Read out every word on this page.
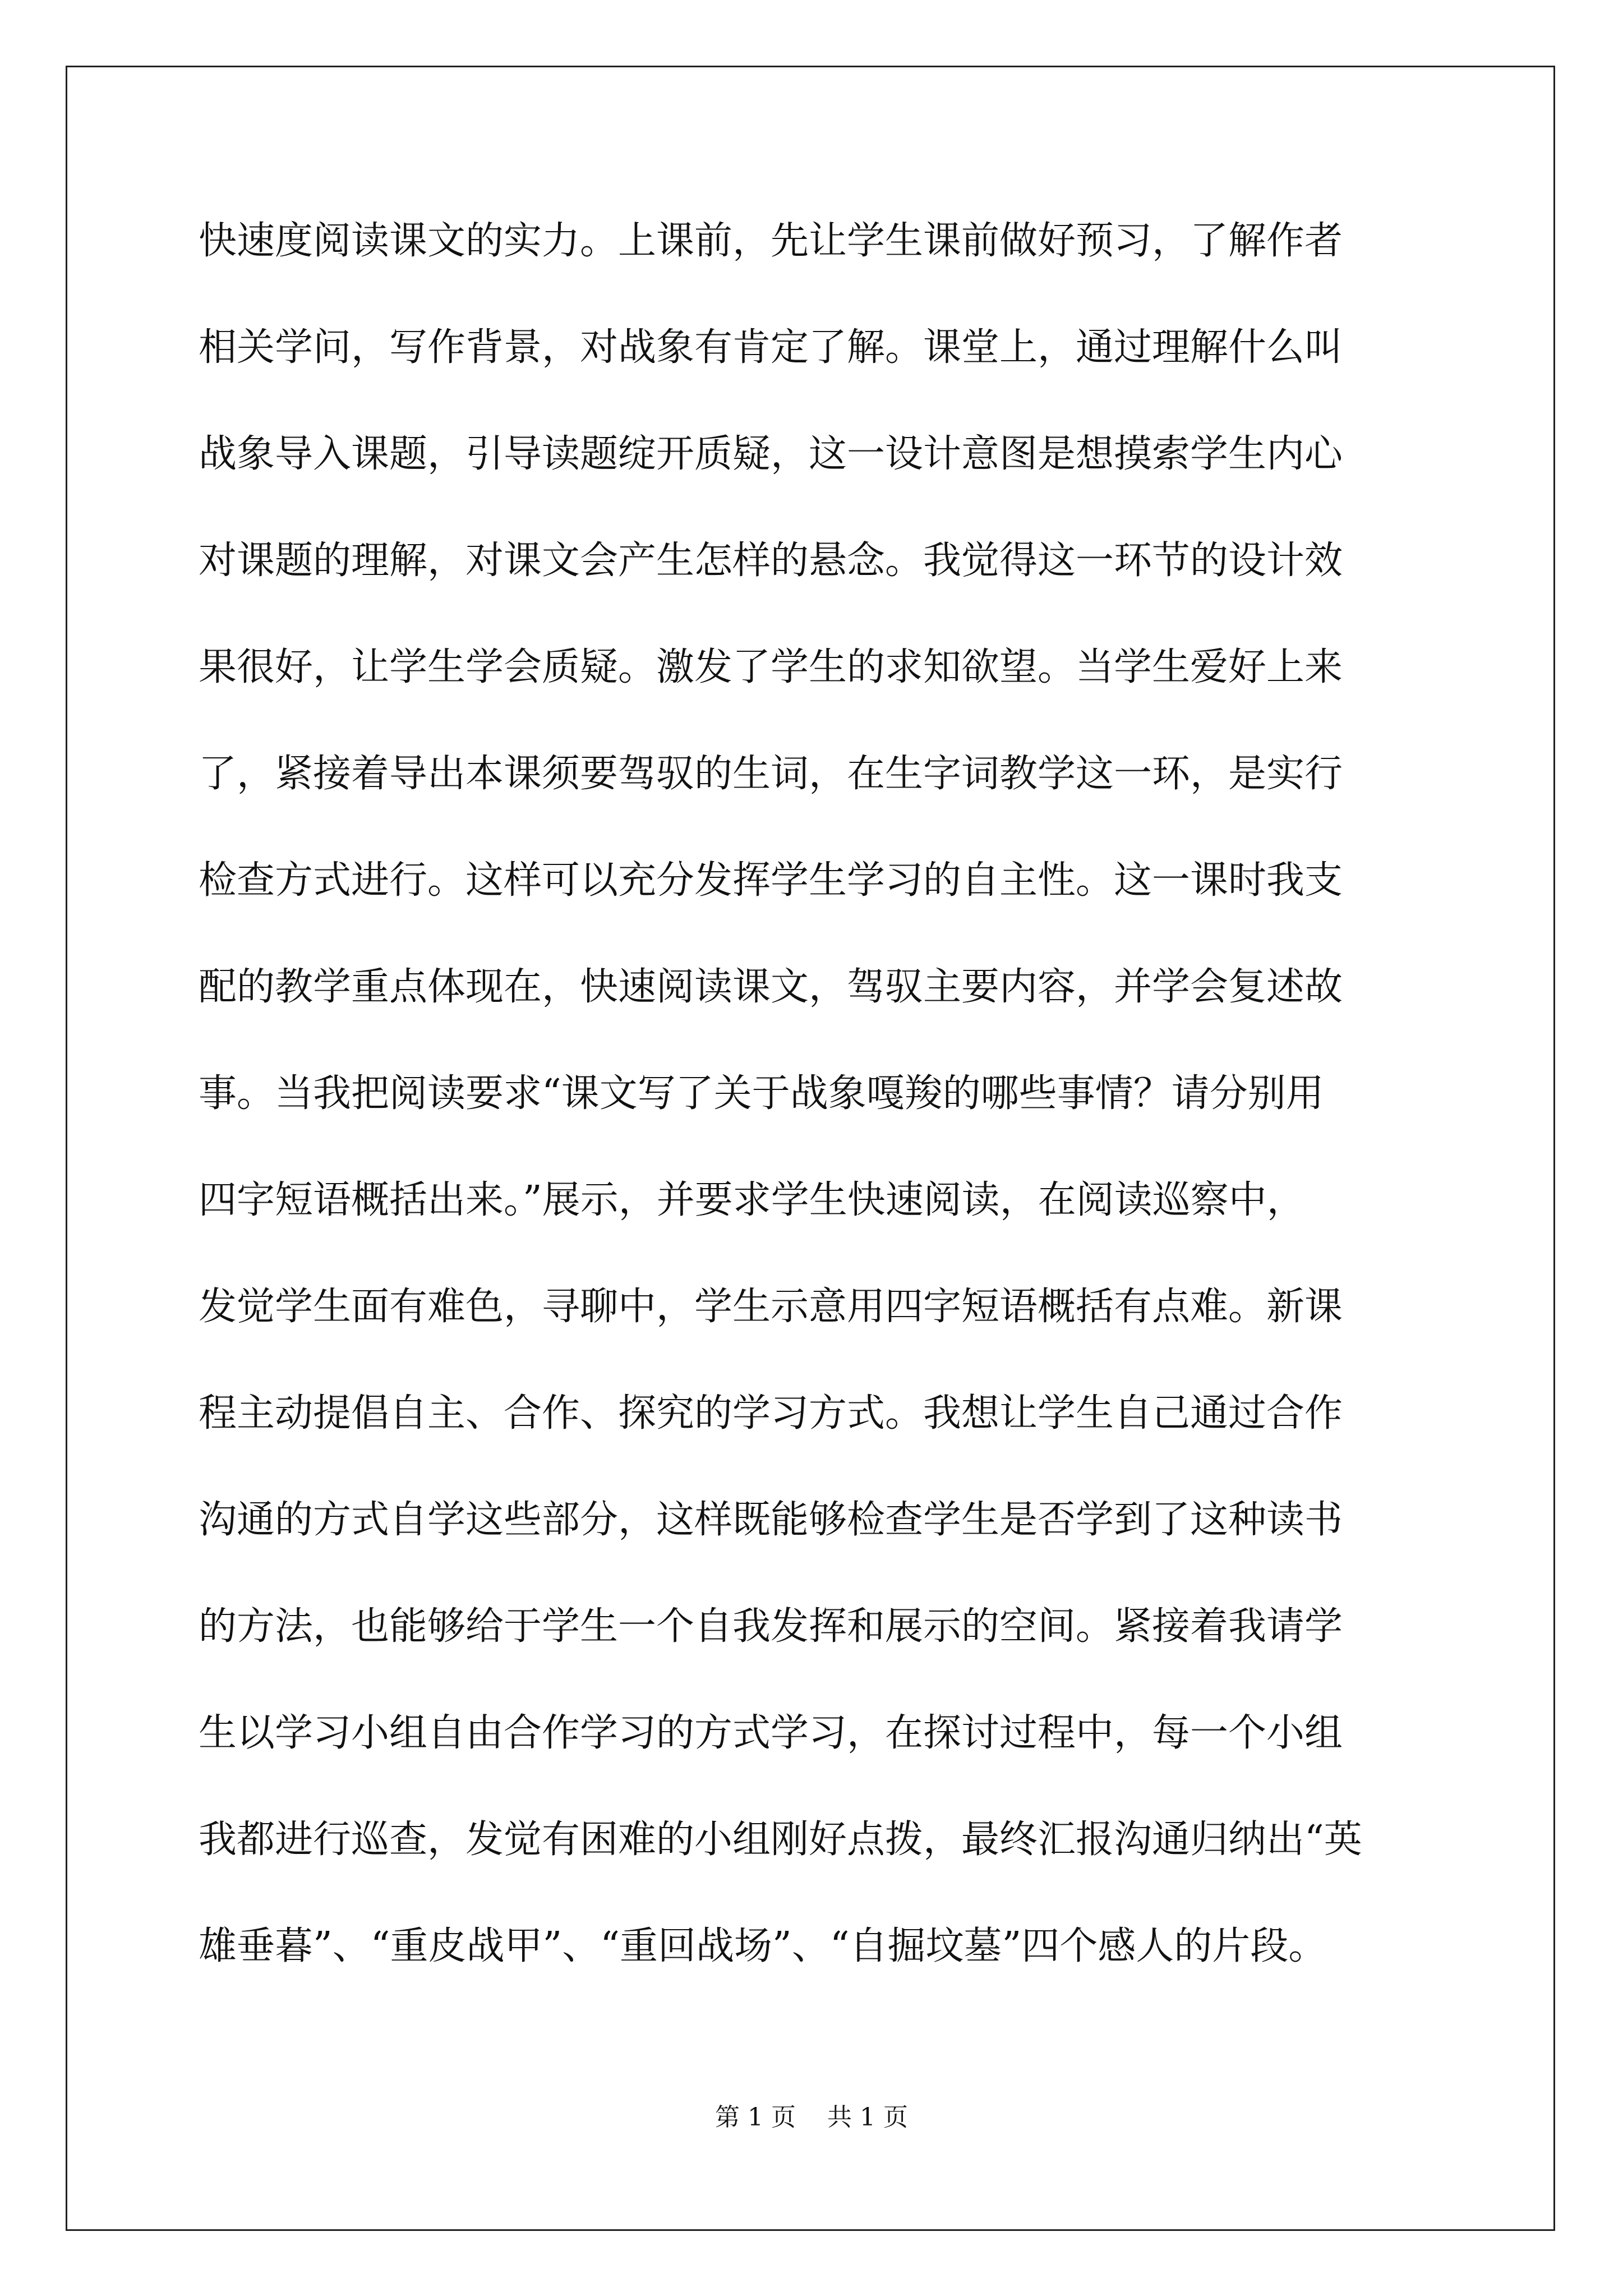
快速度阅读课文的实力。上课前，先让学生课前做好预习，了解作者
相关学问，写作背景，对战象有肯定了解。课堂上，通过理解什么叫
战象导入课题，引导读题绽开质疑，这一设计意图是想摸索学生内心
对课题的理解，对课文会产生怎样的悬念。我觉得这一环节的设计效
果很好，让学生学会质疑。激发了学生的求知欲望。当学生爱好上来
了，紧接着导出本课须要驾驭的生词，在生字词教学这一环，是实行
检查方式进行。这样可以充分发挥学生学习的自主性。这一课时我支
配的教学重点体现在，快速阅读课文，驾驭主要内容，并学会复述故
事。当我把阅读要求“课文写了关于战象嘎羧的哪些事情？请分别用
四字短语概括出来。”展示，并要求学生快速阅读，在阅读巡察中，
发觉学生面有难色，寻聊中，学生示意用四字短语概括有点难。新课
程主动提倡自主、合作、探究的学习方式。我想让学生自己通过合作
沟通的方式自学这些部分，这样既能够检查学生是否学到了这种读书
的方法，也能够给于学生一个自我发挥和展示的空间。紧接着我请学
生以学习小组自由合作学习的方式学习，在探讨过程中，每一个小组
我都进行巡查，发觉有困难的小组刚好点拨，最终汇报沟通归纳出“英
雄垂暮”、“重皮战甲”、“重回战场”、“自掘坟墓”四个感人的片段。
第 1 页 共 1 页
